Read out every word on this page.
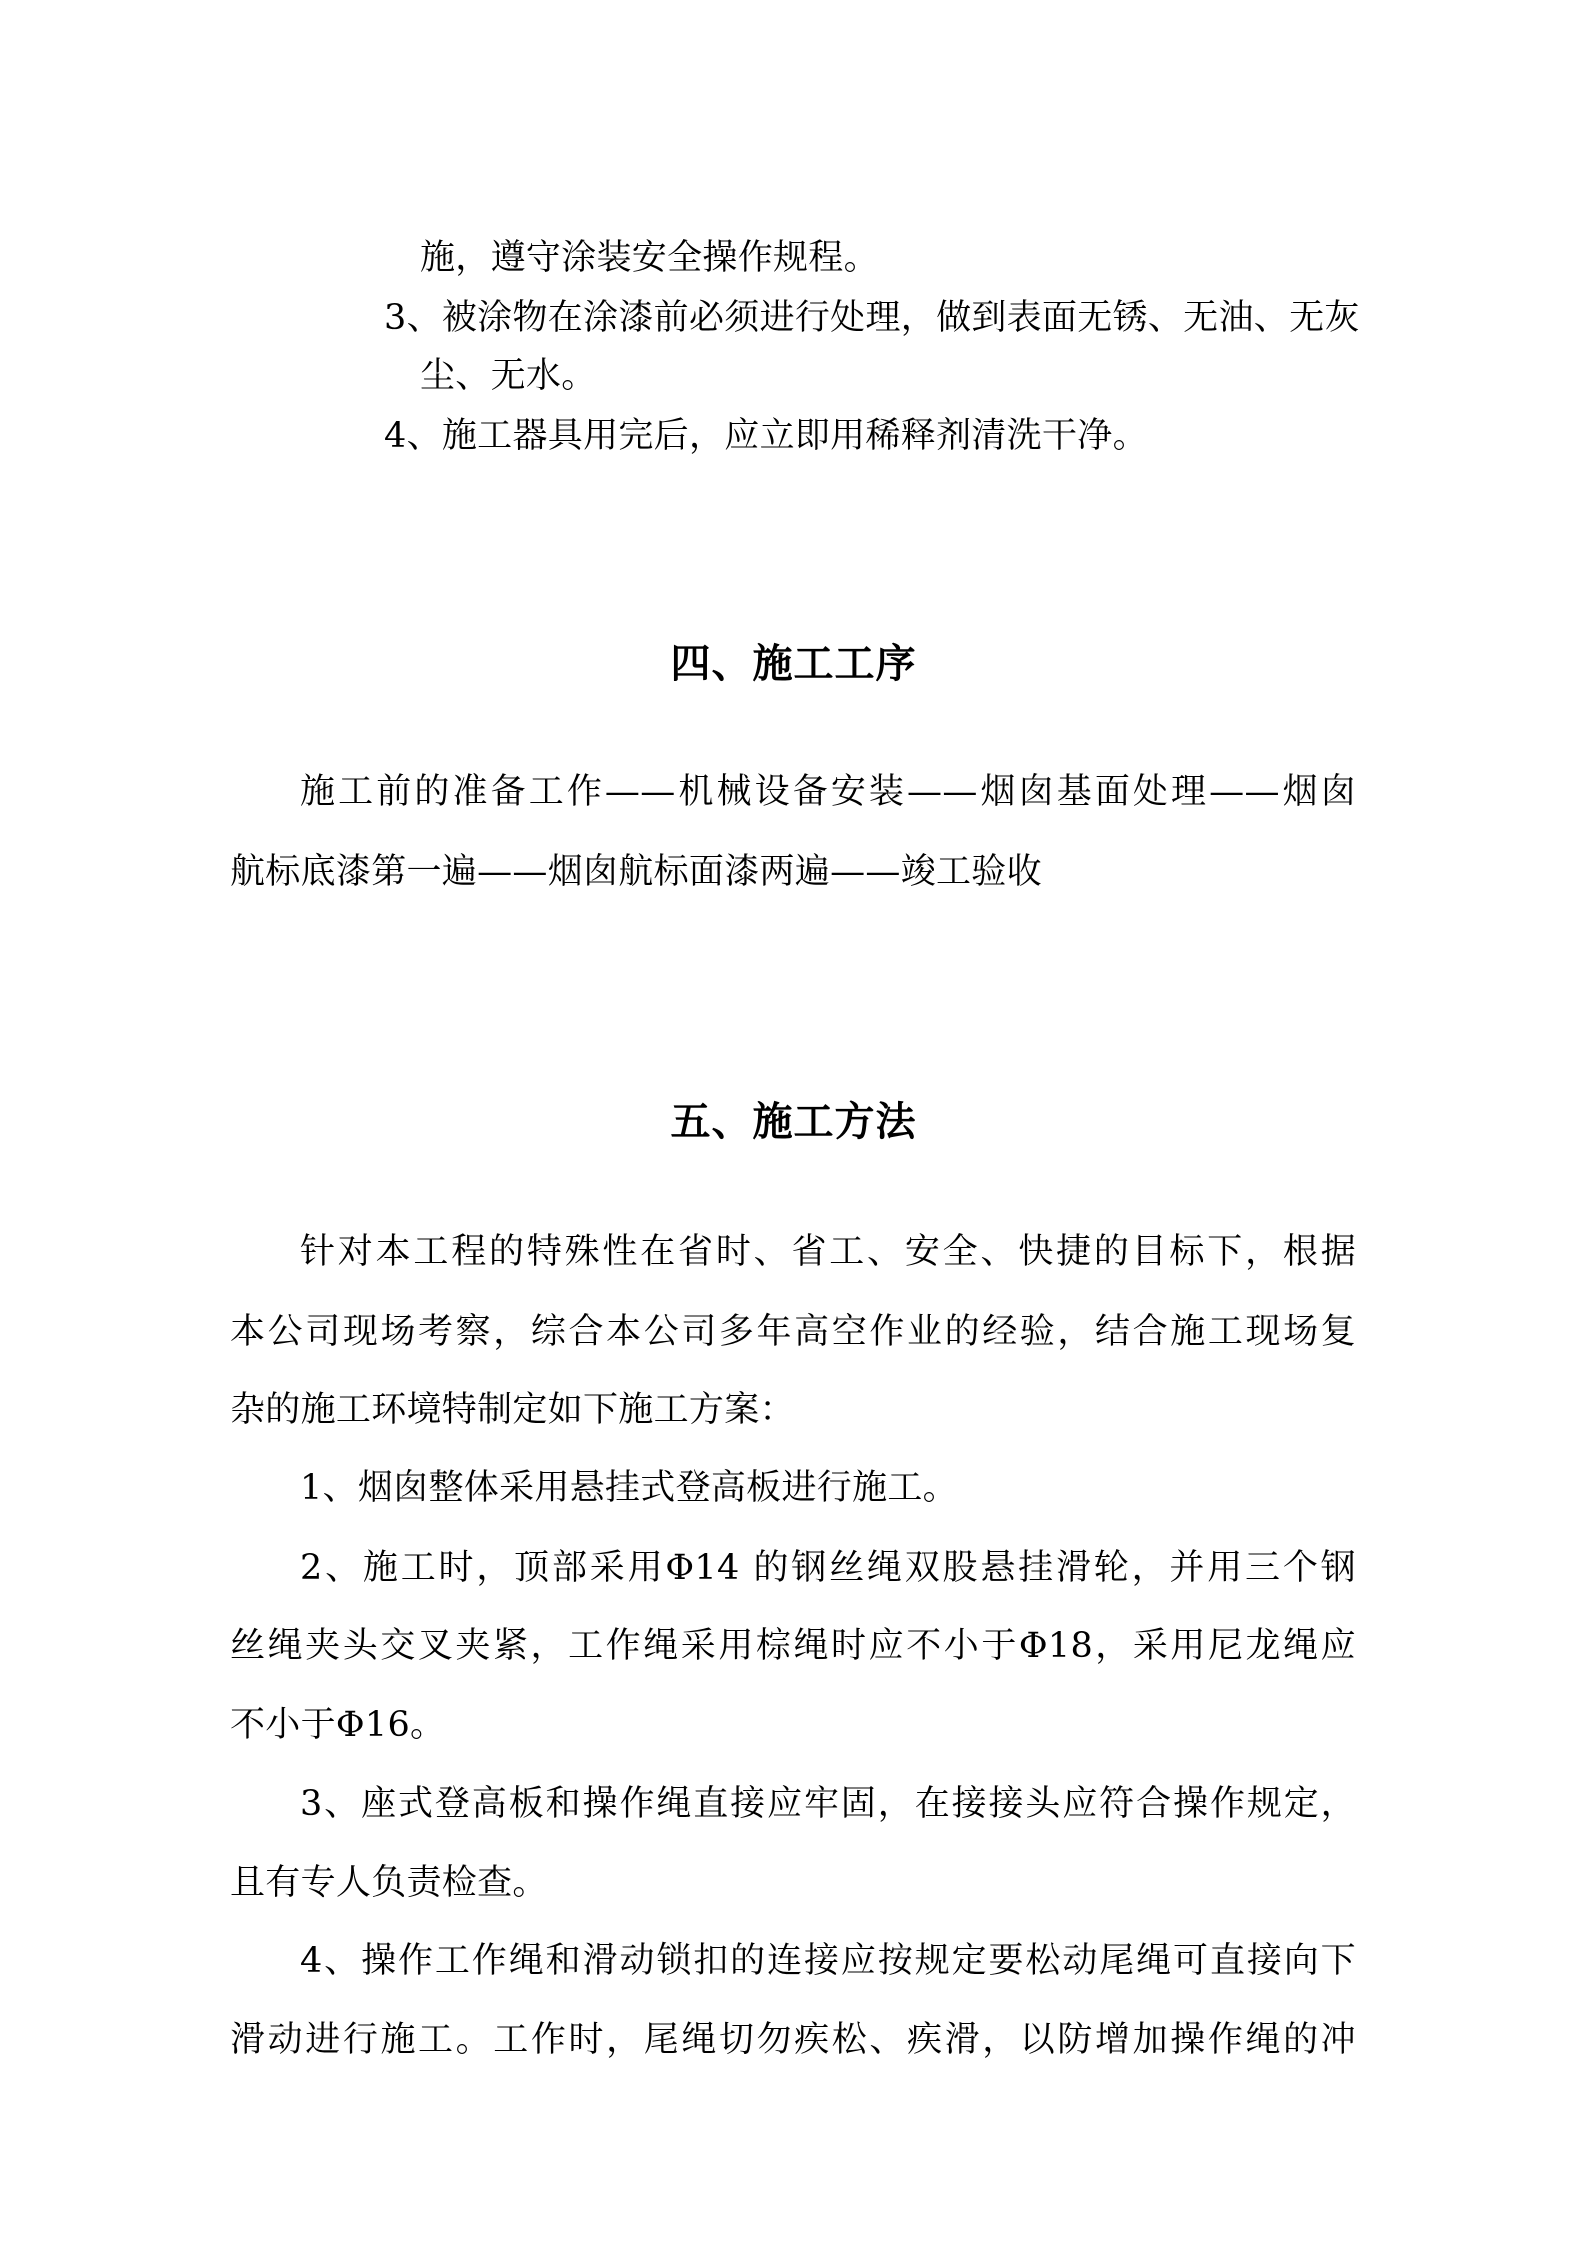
施，遵守涂装安全操作规程。
3、被涂物在涂漆前必须进行处理，做到表面无锈、无油、无灰
尘、无水。
4、施工器具用完后，应立即用稀释剂清洗干净。
四、施工工序
施工前的准备工作——机械设备安装——烟囱基面处理——烟囱
航标底漆第一遍——烟囱航标面漆两遍——竣工验收
五、施工方法
针对本工程的特殊性在省时、省工、安全、快捷的目标下，根据
本公司现场考察，综合本公司多年高空作业的经验，结合施工现场复
杂的施工环境特制定如下施工方案：
1、烟囱整体采用悬挂式登高板进行施工。
2、施工时，顶部采用Φ14 的钢丝绳双股悬挂滑轮，并用三个钢
丝绳夹头交叉夹紧，工作绳采用棕绳时应不小于Φ18，采用尼龙绳应
不小于Φ16。
3、座式登高板和操作绳直接应牢固，在接接头应符合操作规定，
且有专人负责检查。
4、操作工作绳和滑动锁扣的连接应按规定要松动尾绳可直接向下
滑动进行施工。工作时，尾绳切勿疾松、疾滑，以防增加操作绳的冲
